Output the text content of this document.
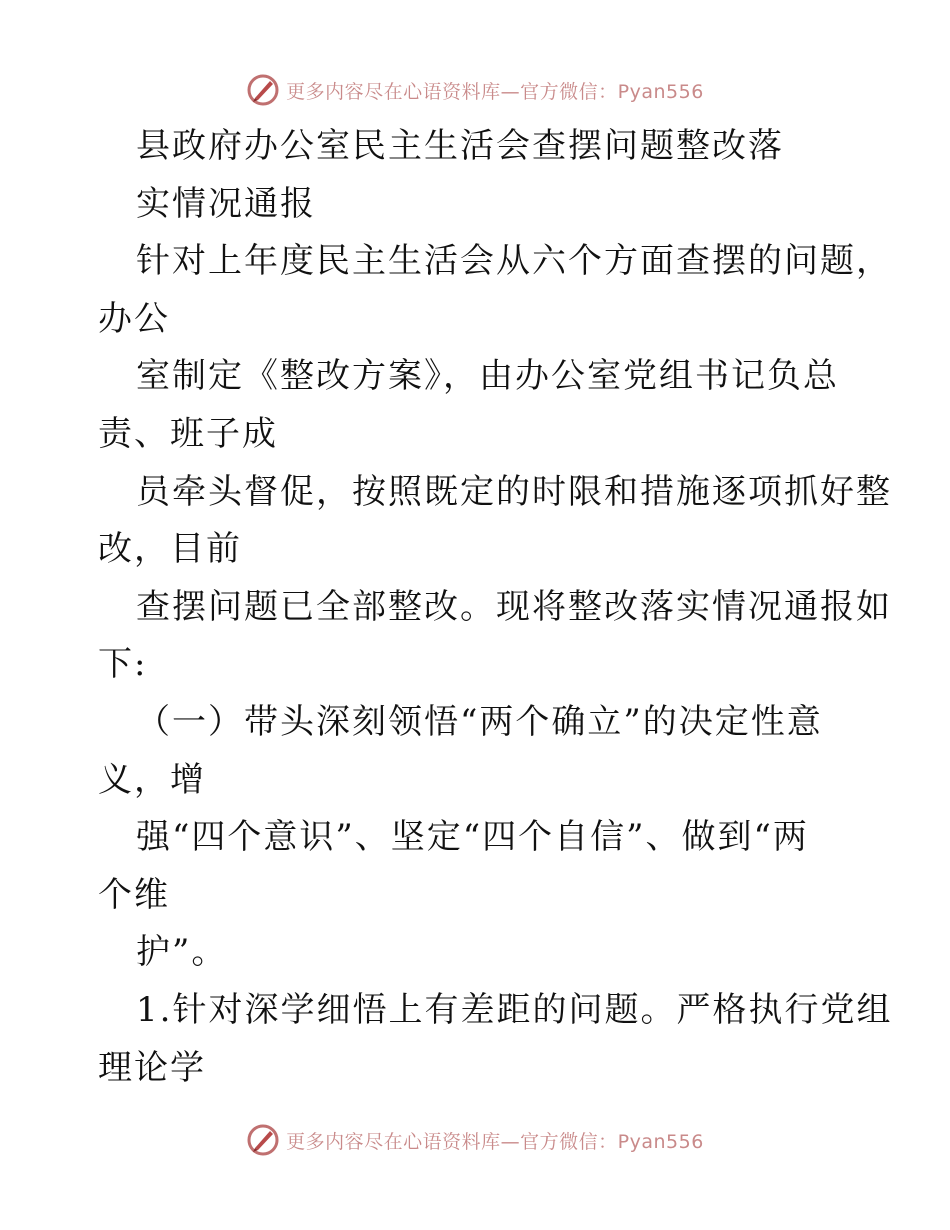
更多内容尽在心语资料库—官方微信：Pyan556
县政府办公室民主生活会查摆问题整改落
实情况通报
针对上年度民主生活会从六个方面查摆的问题，
办公
室制定《整改方案》，由办公室党组书记负总
责、班子成
员牵头督促，按照既定的时限和措施逐项抓好整
改，目前
查摆问题已全部整改。现将整改落实情况通报如
下:
（一）带头深刻领悟“两个确立”的决定性意
义，增
强“四个意识”、坚定“四个自信”、做到“两
个维
护”。
1.针对深学细悟上有差距的问题。严格执行党组
理论学
更多内容尽在心语资料库—官方微信：Pyan556
